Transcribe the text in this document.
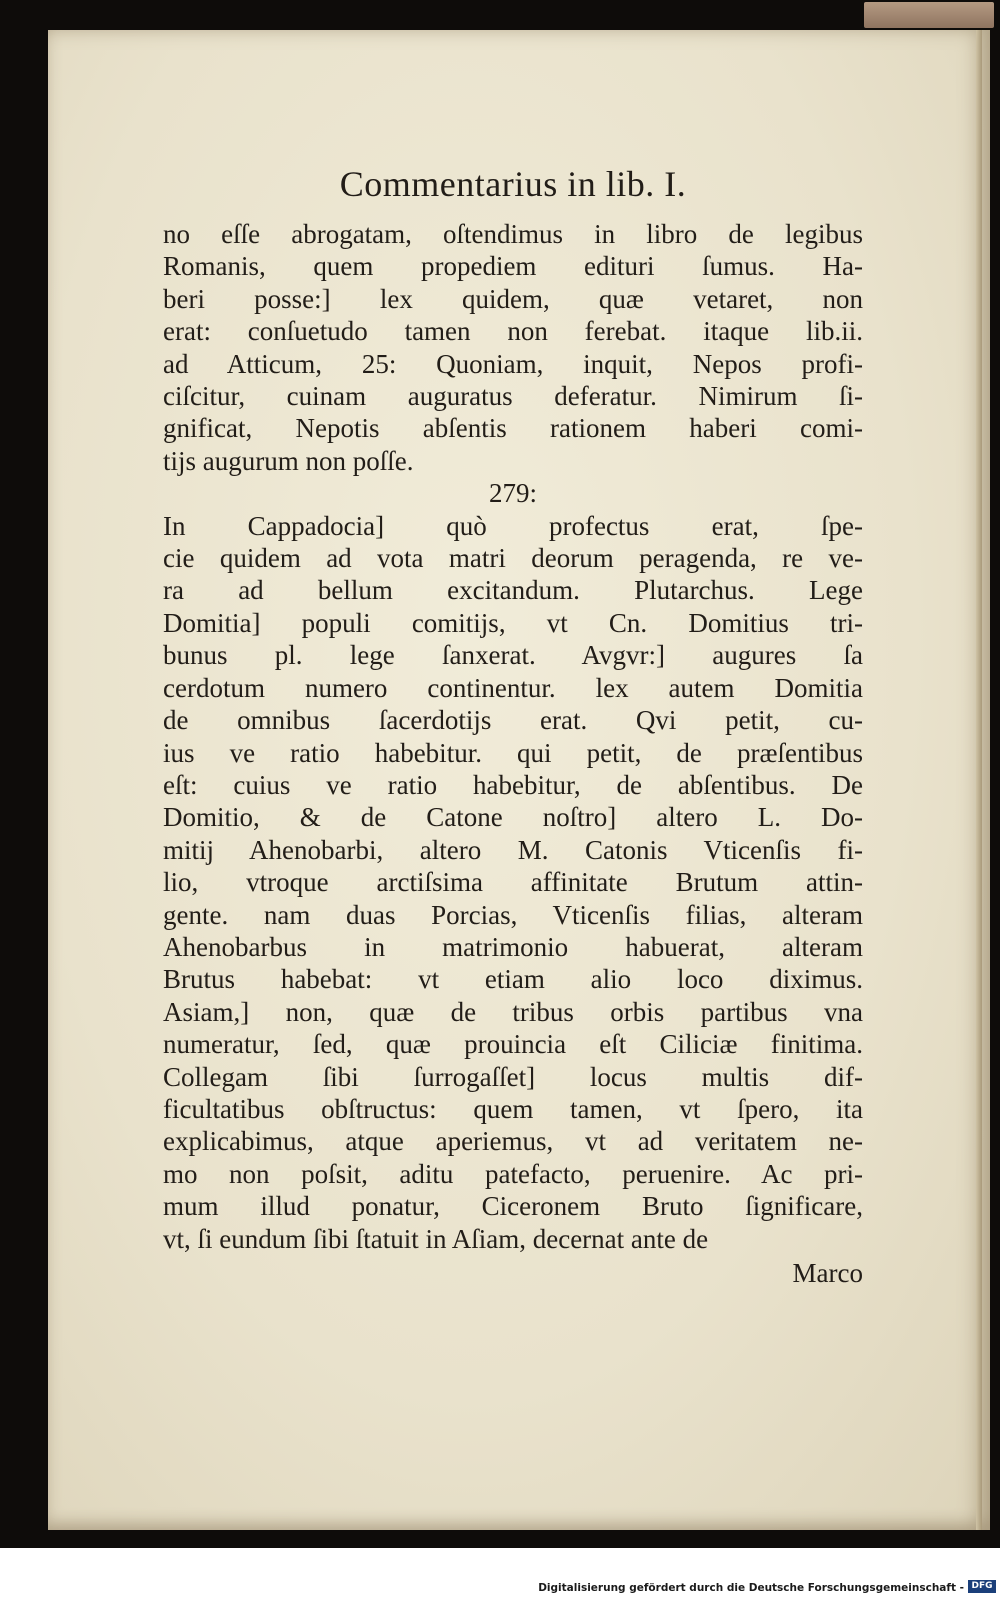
Commentarius in lib. I.
no eſſe abrogatam, oſtendimus in libro de legibus
Romanis, quem propediem edituri ſumus. Ha-
beri posse:] lex quidem, quæ vetaret, non
erat: conſuetudo tamen non ferebat. itaque lib.ii.
ad Atticum, 25: Quoniam, inquit, Nepos profi-
ciſcitur, cuinam auguratus deferatur. Nimirum ſi-
gnificat, Nepotis abſentis rationem haberi comi-
tijs augurum non poſſe.
279:
In Cappadocia] quò profectus erat, ſpe-
cie quidem ad vota matri deorum peragenda, re ve-
ra ad bellum excitandum. Plutarchus. Lege
Domitia] populi comitijs, vt Cn. Domitius tri-
bunus pl. lege ſanxerat. Avgvr:] augures ſa
cerdotum numero continentur. lex autem Domitia
de omnibus ſacerdotijs erat. Qvi petit, cu-
ius ve ratio habebitur. qui petit, de præſentibus
eſt: cuius ve ratio habebitur, de abſentibus. De
Domitio, & de Catone noſtro] altero L. Do-
mitij Ahenobarbi, altero M. Catonis Vticenſis fi-
lio, vtroque arctiſsima affinitate Brutum attin-
gente. nam duas Porcias, Vticenſis filias, alteram
Ahenobarbus in matrimonio habuerat, alteram
Brutus habebat: vt etiam alio loco diximus.
Asiam,] non, quæ de tribus orbis partibus vna
numeratur, ſed, quæ prouincia eſt Ciliciæ finitima.
Collegam ſibi ſurrogaſſet] locus multis dif-
ficultatibus obſtructus: quem tamen, vt ſpero, ita
explicabimus, atque aperiemus, vt ad veritatem ne-
mo non poſsit, aditu patefacto, peruenire. Ac pri-
mum illud ponatur, Ciceronem Bruto ſignificare,
vt, ſi eundum ſibi ſtatuit in Aſiam, decernat ante de
Marco
Digitalisierung gefördert durch die Deutsche Forschungsgemeinschaft - DFG
